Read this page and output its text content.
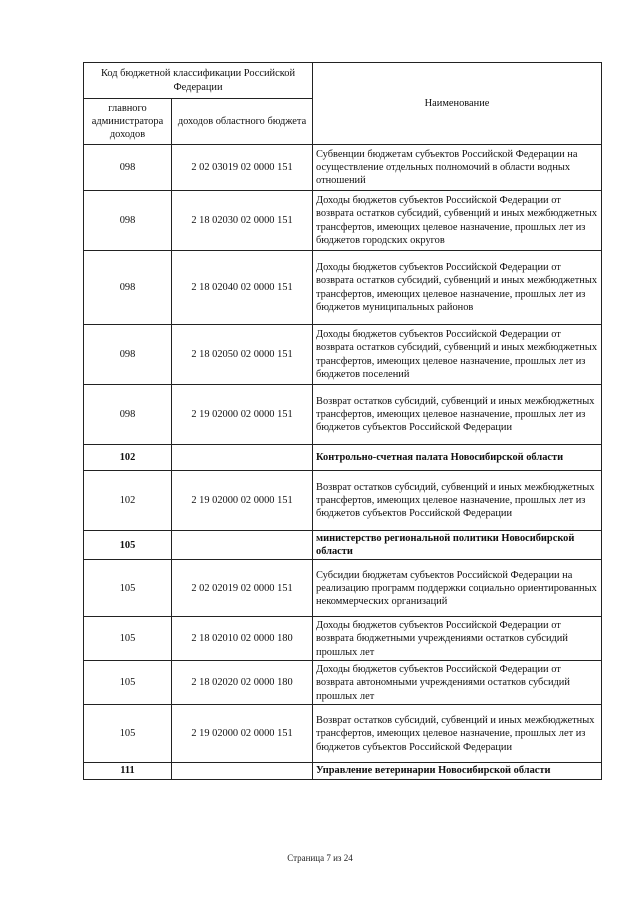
Код бюджетной классификации Российской Федерации		Наименование
главного администратора доходов	доходов областного бюджета	
098	2 02 03019 02 0000 151	Субвенции бюджетам субъектов Российской Федерации на осуществление отдельных полномочий в области водных отношений
098	2 18 02030 02 0000 151	Доходы бюджетов субъектов Российской Федерации от возврата остатков субсидий, субвенций и иных межбюджетных трансфертов, имеющих целевое назначение, прошлых лет из бюджетов городских округов
098	2 18 02040 02 0000 151	Доходы бюджетов субъектов Российской Федерации от возврата остатков субсидий, субвенций и иных межбюджетных трансфертов, имеющих целевое назначение, прошлых лет из бюджетов муниципальных районов
098	2 18 02050 02 0000 151	Доходы бюджетов субъектов Российской Федерации от возврата остатков субсидий, субвенций и иных межбюджетных трансфертов, имеющих целевое назначение, прошлых лет из бюджетов поселений
098	2 19 02000 02 0000 151	Возврат остатков субсидий, субвенций и иных межбюджетных трансфертов, имеющих целевое назначение, прошлых лет из бюджетов субъектов Российской Федерации
102		Контрольно-счетная палата Новосибирской области
102	2 19 02000 02 0000 151	Возврат остатков субсидий, субвенций и иных межбюджетных трансфертов, имеющих целевое назначение, прошлых лет из бюджетов субъектов Российской Федерации
105		министерство региональной политики Новосибирской области
105	2 02 02019 02 0000 151	Субсидии бюджетам субъектов Российской Федерации на реализацию программ поддержки социально ориентированных некоммерческих организаций
105	2 18 02010 02 0000 180	Доходы бюджетов субъектов Российской Федерации от возврата бюджетными учреждениями остатков субсидий прошлых лет
105	2 18 02020 02 0000 180	Доходы бюджетов субъектов Российской Федерации от возврата автономными учреждениями остатков субсидий прошлых лет
105	2 19 02000 02 0000 151	Возврат остатков субсидий, субвенций и иных межбюджетных трансфертов, имеющих целевое назначение, прошлых лет из бюджетов субъектов Российской Федерации
111		Управление ветеринарии Новосибирской области
Страница 7 из 24
